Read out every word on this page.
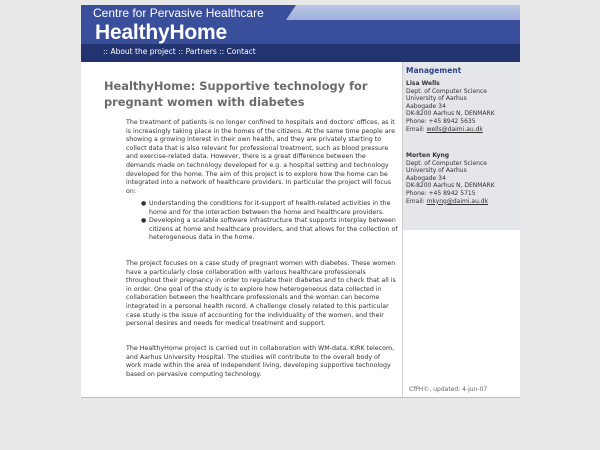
Centre for Pervasive Healthcare
HealthyHome
:: About the project :: Partners :: Contact
HealthyHome: Supportive technology for pregnant women with diabetes
The treatment of patients is no longer confined to hospitals and doctors' offices, as it is increasingly taking place in the homes of the citizens. At the same time people are showing a growing interest in their own health, and they are privately starting to collect data that is also relevant for professional treatment, such as blood pressure and exercise-related data. However, there is a great difference between the demands made on technology developed for e.g. a hospital setting and technology developed for the home. The aim of this project is to explore how the home can be integrated into a network of healthcare providers. In particular the project will focus on:
● Understanding the conditions for it-support of health-related activities in the home and for the interaction between the home and healthcare providers.
● Developing a scalable software infrastructure that supports interplay between citizens at home and healthcare providers, and that allows for the collection of heterogeneous data in the home.
The project focuses on a case study of pregnant women with diabetes. These women have a particularly close collaboration with various healthcare professionals throughout their pregnancy in order to regulate their diabetes and to check that all is in order. One goal of the study is to explore how heterogeneous data collected in collaboration between the healthcare professionals and the woman can become integrated in a personal health record. A challenge closely related to this particular case study is the issue of accounting for the individuality of the women, and their personal desires and needs for medical treatment and support.
The HealthyHome project is carried out in collaboration with WM-data, KIRK telecom, and Aarhus University Hospital. The studies will contribute to the overall body of work made within the area of independent living, developing supportive technology based on pervasive computing technology.
Management
Lisa Wells
Dept. of Computer Science
University of Aarhus
Aabogade 34
DK-8200 Aarhus N, DENMARK
Phone: +45 8942 5635
Email: wells@daimi.au.dk
Morten Kyng
Dept. of Computer Science
University of Aarhus
Aabogade 34
DK-8200 Aarhus N, DENMARK
Phone: +45 8942 5715
Email: mkyng@daimi.au.dk
CfPH©, updated: 4-jun-07
